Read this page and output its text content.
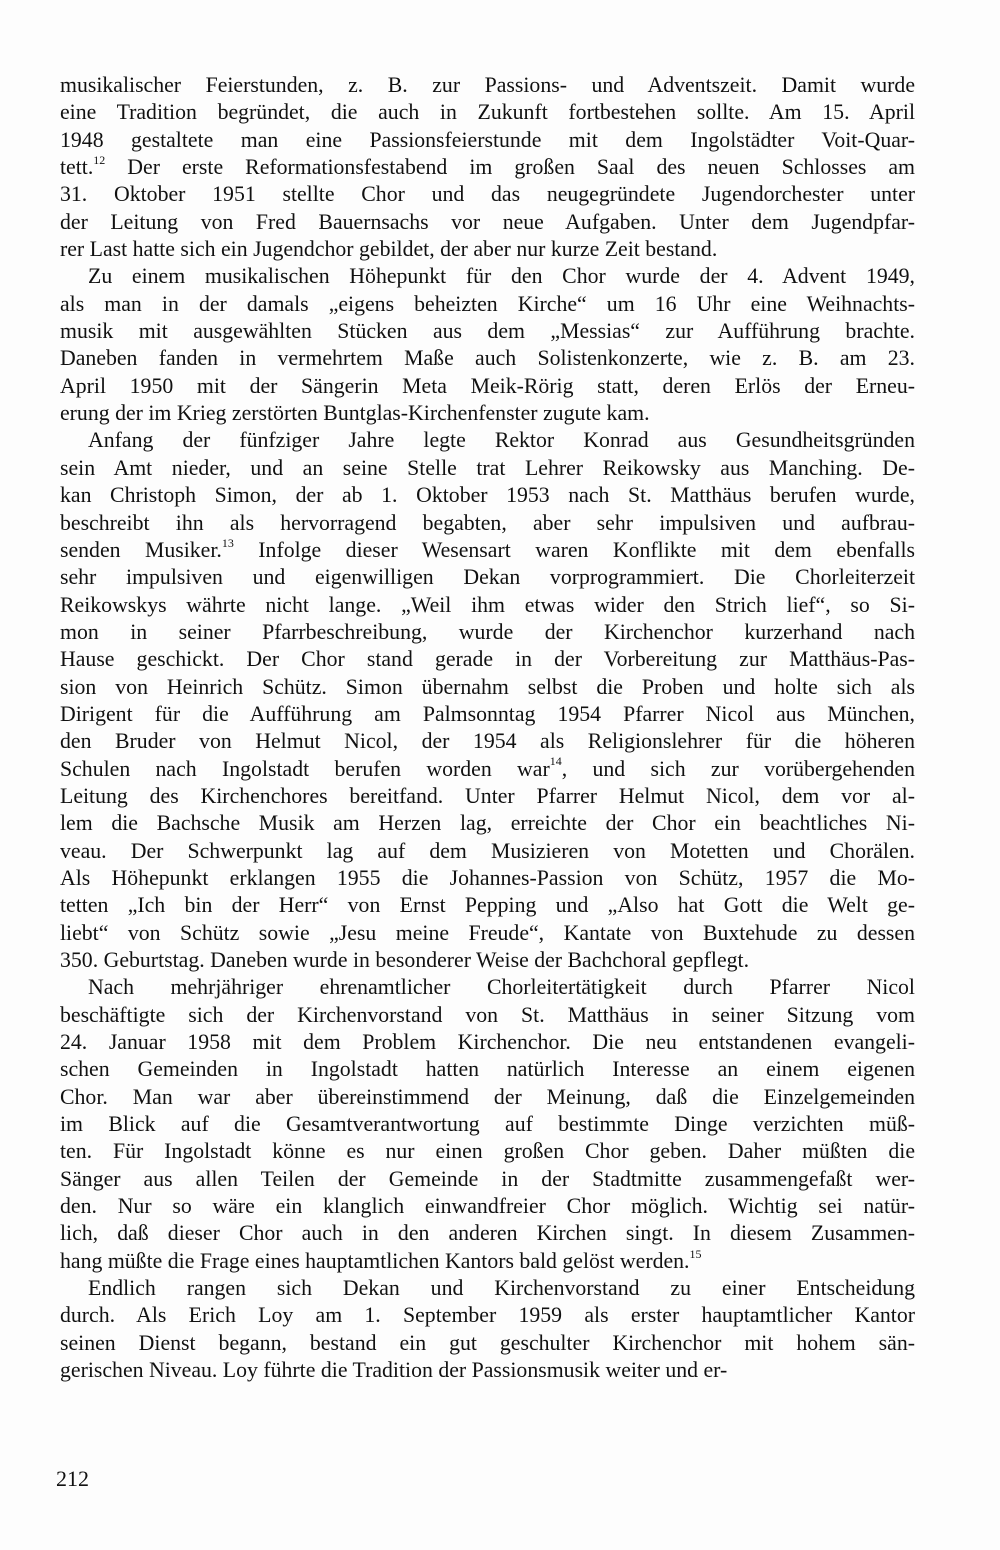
musikalischer Feierstunden, z. B. zur Passions- und Adventszeit. Damit wurde
eine Tradition begründet, die auch in Zukunft fortbestehen sollte. Am 15. April
1948 gestaltete man eine Passionsfeierstunde mit dem Ingolstädter Voit-Quar-
tett.$^{12}$ Der erste Reformationsfestabend im großen Saal des neuen Schlosses am
31. Oktober 1951 stellte Chor und das neugegründete Jugendorchester unter
der Leitung von Fred Bauernsachs vor neue Aufgaben. Unter dem Jugendpfar-
rer Last hatte sich ein Jugendchor gebildet, der aber nur kurze Zeit bestand.
Zu einem musikalischen Höhepunkt für den Chor wurde der 4. Advent 1949,
als man in der damals „eigens beheizten Kirche“ um 16 Uhr eine Weihnachts-
musik mit ausgewählten Stücken aus dem „Messias“ zur Aufführung brachte.
Daneben fanden in vermehrtem Maße auch Solistenkonzerte, wie z. B. am 23.
April 1950 mit der Sängerin Meta Meik-Rörig statt, deren Erlös der Erneu-
erung der im Krieg zerstörten Buntglas-Kirchenfenster zugute kam.
Anfang der fünfziger Jahre legte Rektor Konrad aus Gesundheitsgründen
sein Amt nieder, und an seine Stelle trat Lehrer Reikowsky aus Manching. De-
kan Christoph Simon, der ab 1. Oktober 1953 nach St. Matthäus berufen wurde,
beschreibt ihn als hervorragend begabten, aber sehr impulsiven und aufbrau-
senden Musiker.$^{13}$ Infolge dieser Wesensart waren Konflikte mit dem ebenfalls
sehr impulsiven und eigenwilligen Dekan vorprogrammiert. Die Chorleiterzeit
Reikowskys währte nicht lange. „Weil ihm etwas wider den Strich lief“, so Si-
mon in seiner Pfarrbeschreibung, wurde der Kirchenchor kurzerhand nach
Hause geschickt. Der Chor stand gerade in der Vorbereitung zur Matthäus-Pas-
sion von Heinrich Schütz. Simon übernahm selbst die Proben und holte sich als
Dirigent für die Aufführung am Palmsonntag 1954 Pfarrer Nicol aus München,
den Bruder von Helmut Nicol, der 1954 als Religionslehrer für die höheren
Schulen nach Ingolstadt berufen worden war$^{14}$, und sich zur vorübergehenden
Leitung des Kirchenchores bereitfand. Unter Pfarrer Helmut Nicol, dem vor al-
lem die Bachsche Musik am Herzen lag, erreichte der Chor ein beachtliches Ni-
veau. Der Schwerpunkt lag auf dem Musizieren von Motetten und Chorälen.
Als Höhepunkt erklangen 1955 die Johannes-Passion von Schütz, 1957 die Mo-
tetten „Ich bin der Herr“ von Ernst Pepping und „Also hat Gott die Welt ge-
liebt“ von Schütz sowie „Jesu meine Freude“, Kantate von Buxtehude zu dessen
350. Geburtstag. Daneben wurde in besonderer Weise der Bachchoral gepflegt.
Nach mehrjähriger ehrenamtlicher Chorleitertätigkeit durch Pfarrer Nicol
beschäftigte sich der Kirchenvorstand von St. Matthäus in seiner Sitzung vom
24. Januar 1958 mit dem Problem Kirchenchor. Die neu entstandenen evangeli-
schen Gemeinden in Ingolstadt hatten natürlich Interesse an einem eigenen
Chor. Man war aber übereinstimmend der Meinung, daß die Einzelgemeinden
im Blick auf die Gesamtverantwortung auf bestimmte Dinge verzichten müß-
ten. Für Ingolstadt könne es nur einen großen Chor geben. Daher müßten die
Sänger aus allen Teilen der Gemeinde in der Stadtmitte zusammengefaßt wer-
den. Nur so wäre ein klanglich einwandfreier Chor möglich. Wichtig sei natür-
lich, daß dieser Chor auch in den anderen Kirchen singt. In diesem Zusammen-
hang müßte die Frage eines hauptamtlichen Kantors bald gelöst werden.$^{15}$
Endlich rangen sich Dekan und Kirchenvorstand zu einer Entscheidung
durch. Als Erich Loy am 1. September 1959 als erster hauptamtlicher Kantor
seinen Dienst begann, bestand ein gut geschulter Kirchenchor mit hohem sän-
gerischen Niveau. Loy führte die Tradition der Passionsmusik weiter und er-
212
